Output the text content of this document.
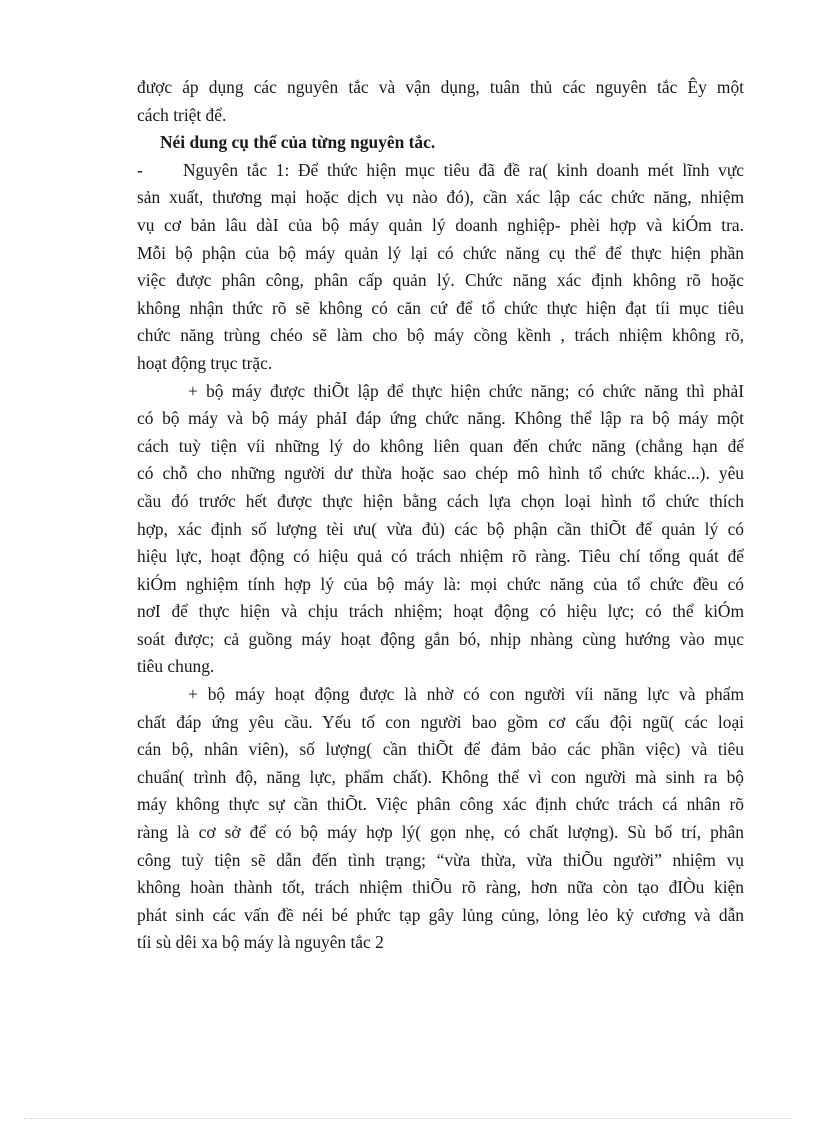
được áp dụng các nguyên tắc và vận dụng, tuân thủ các nguyên tắc Êy một
cách triệt để.
Néi dung cụ thể của từng nguyên tắc.
- Nguyên tắc 1: Để thức hiện mục tiêu đã đề ra( kinh doanh mét lĩnh vực
sản xuất, thương mại hoặc dịch vụ nào đó), cần xác lập các chức năng, nhiệm
vụ cơ bản lâu dàI của bộ máy quản lý doanh nghiệp- phèi hợp và kiÓm tra.
Mỗi bộ phận của bộ máy quản lý lại có chức năng cụ thể để thực hiện phần
việc được phân công, phân cấp quản lý. Chức năng xác định không rõ hoặc
không nhận thức rõ sẽ không có căn cứ để tổ chức thực hiện đạt tíi mục tiêu
chức năng trùng chéo sẽ làm cho bộ máy cồng kềnh , trách nhiệm không rõ,
hoạt động trục trặc.
+ bộ máy được thiÕt lập để thực hiện chức năng; có chức năng thì phảI
có bộ máy và bộ máy phảI đáp ứng chức năng. Không thể lập ra bộ máy một
cách tuỳ tiện víi những lý do không liên quan đến chức năng (chẳng hạn để
có chỗ cho những người dư thừa hoặc sao chép mô hình tổ chức khác...). yêu
cầu đó trước hết được thực hiện bằng cách lựa chọn loại hình tổ chức thích
hợp, xác định số lượng tèi ưu( vừa đủ) các bộ phận cần thiÕt để quản lý có
hiệu lực, hoạt động có hiệu quả có trách nhiệm rõ ràng. Tiêu chí tổng quát để
kiÓm nghiệm tính hợp lý của bộ máy là: mọi chức năng của tổ chức đều có
nơI để thực hiện và chịu trách nhiệm; hoạt động có hiệu lực; có thể kiÓm
soát được; cả guồng máy hoạt động gắn bó, nhịp nhàng cùng hướng vào mục
tiêu chung.
+ bộ máy hoạt động được là nhờ có con người víi năng lực và phẩm
chất đáp ứng yêu cầu. Yếu tố con người bao gồm cơ cấu đội ngũ( các loại
cán bộ, nhân viên), số lượng( cần thiÕt để đảm bảo các phần việc) và tiêu
chuẩn( trình độ, năng lực, phẩm chất). Không thể vì con người mà sinh ra bộ
máy không thực sự cần thiÕt. Việc phân công xác định chức trách cá nhân rõ
ràng là cơ sở để có bộ máy hợp lý( gọn nhẹ, có chất lượng). Sù bố trí, phân
công tuỳ tiện sẽ dẫn đến tình trạng; “vừa thừa, vừa thiÕu người” nhiệm vụ
không hoàn thành tốt, trách nhiệm thiÕu rõ ràng, hơn nữa còn tạo đIÒu kiện
phát sinh các vấn đề néi bé phức tạp gây lủng củng, lỏng lẻo kỷ cương và dẫn
tíi sù dêi xa bộ máy là nguyên tắc 2
